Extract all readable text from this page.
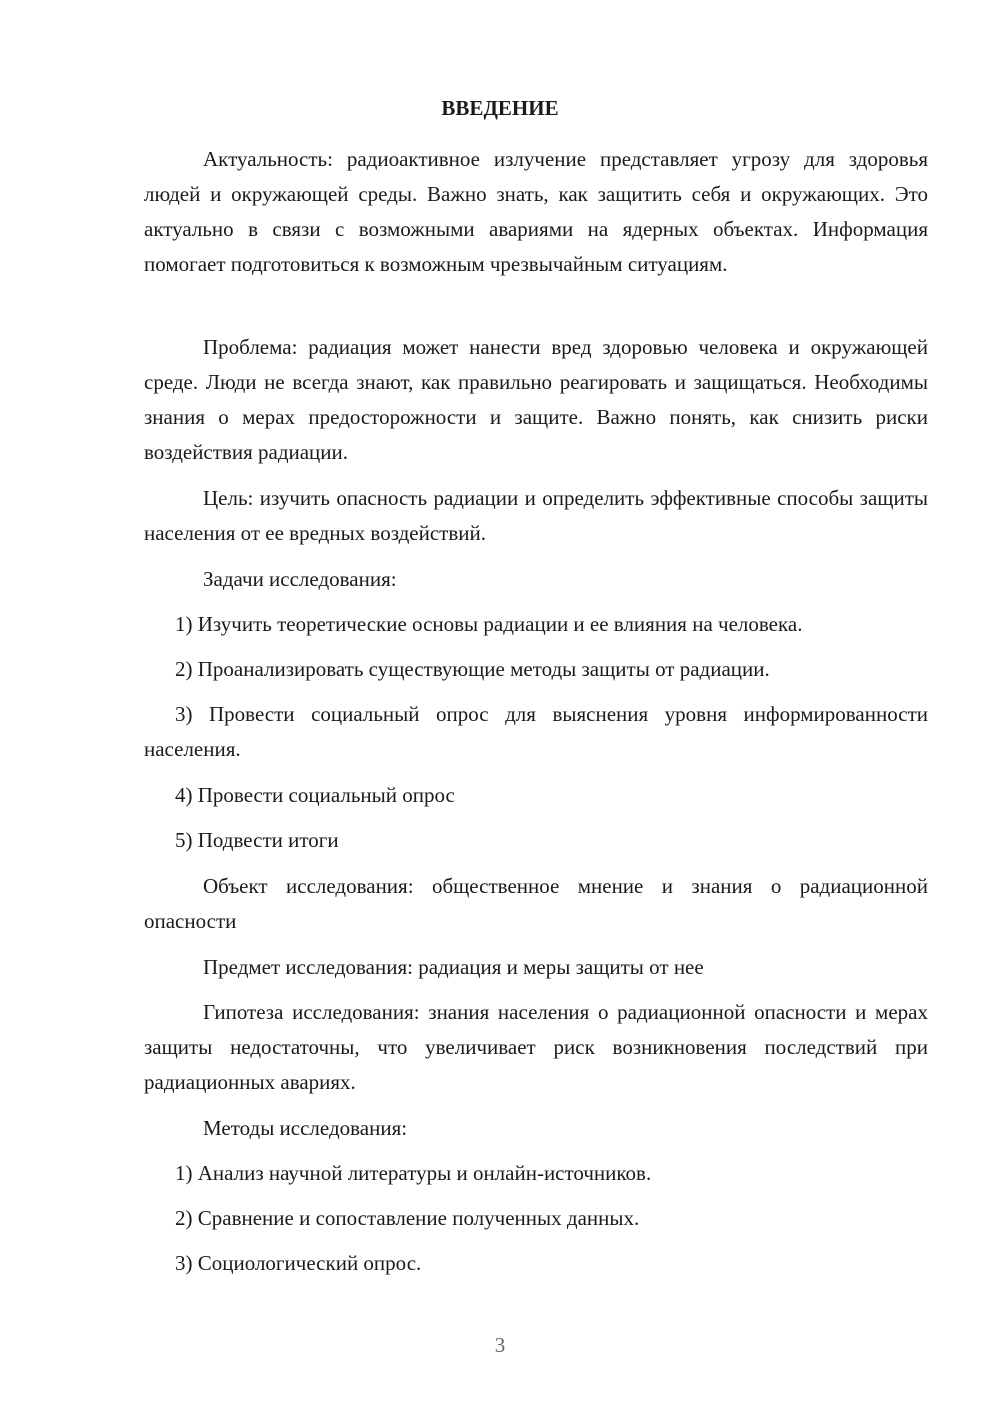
ВВЕДЕНИЕ

Актуальность: радиоактивное излучение представляет угрозу для здоровья людей и окружающей среды. Важно знать, как защитить себя и окружающих. Это актуально в связи с возможными авариями на ядерных объектах. Информация помогает подготовиться к возможным чрезвычайным ситуациям.

Проблема: радиация может нанести вред здоровью человека и окружающей среде. Люди не всегда знают, как правильно реагировать и защищаться. Необходимы знания о мерах предосторожности и защите. Важно понять, как снизить риски воздействия радиации.

Цель: изучить опасность радиации и определить эффективные способы защиты населения от ее вредных воздействий.

Задачи исследования:

1) Изучить теоретические основы радиации и ее влияния на человека.

2) Проанализировать существующие методы защиты от радиации.

3) Провести социальный опрос для выяснения уровня информированности населения.

4) Провести социальный опрос

5) Подвести итоги

Объект исследования: общественное мнение и знания о радиационной опасности

Предмет исследования: радиация и меры защиты от нее

Гипотеза исследования: знания населения о радиационной опасности и мерах защиты недостаточны, что увеличивает риск возникновения последствий при радиационных авариях.

Методы исследования:

1) Анализ научной литературы и онлайн-источников.

2) Сравнение и сопоставление полученных данных.

3) Социологический опрос.

3
